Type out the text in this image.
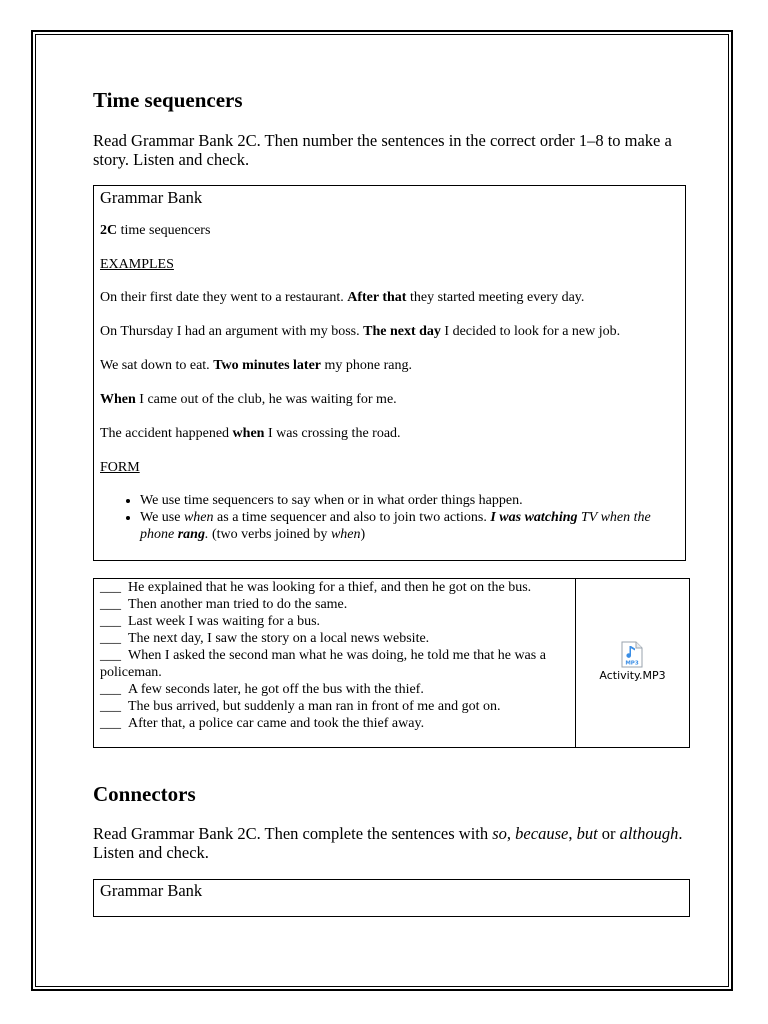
Time sequencers

Read Grammar Bank 2C. Then number the sentences in the correct order 1–8 to make a story. Listen and check.

Grammar Bank

2C time sequencers

EXAMPLES

On their first date they went to a restaurant. After that they started meeting every day.

On Thursday I had an argument with my boss. The next day I decided to look for a new job.

We sat down to eat. Two minutes later my phone rang.

When I came out of the club, he was waiting for me.

The accident happened when I was crossing the road.

FORM

• We use time sequencers to say when or in what order things happen.
• We use when as a time sequencer and also to join two actions. I was watching TV when the phone rang. (two verbs joined by when)
___ He explained that he was looking for a thief, and then he got on the bus.
___ Then another man tried to do the same.
___ Last week I was waiting for a bus.
___ The next day, I saw the story on a local news website.
___ When I asked the second man what he was doing, he told me that he was a policeman.
___ A few seconds later, he got off the bus with the thief.
___ The bus arrived, but suddenly a man ran in front of me and got on.
___ After that, a police car came and took the thief away.
MP3
Activity.MP3
Connectors

Read Grammar Bank 2C. Then complete the sentences with so, because, but or although. Listen and check.

Grammar Bank
